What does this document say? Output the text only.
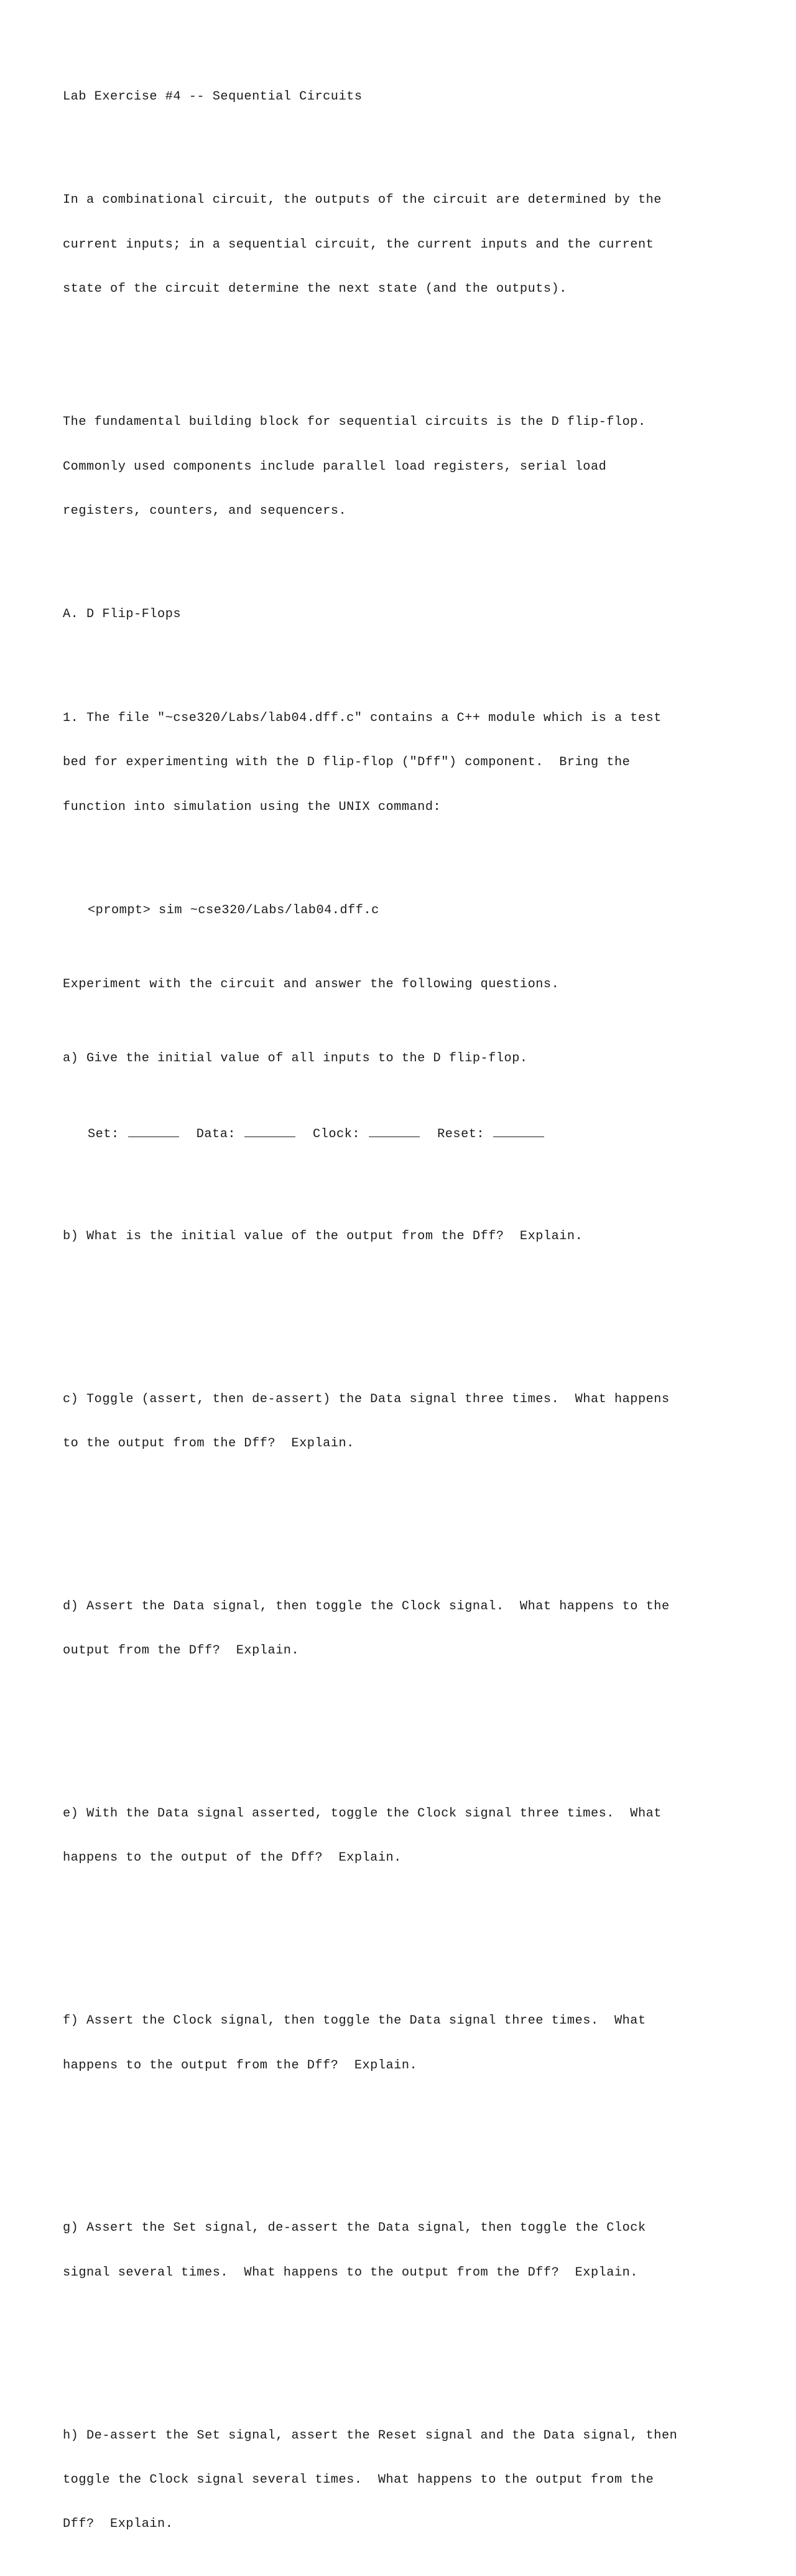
Lab Exercise #4 -- Sequential Circuits

In a combinational circuit, the outputs of the circuit are determined by the

current inputs; in a sequential circuit, the current inputs and the current

state of the circuit determine the next state (and the outputs).

The fundamental building block for sequential circuits is the D flip-flop.

Commonly used components include parallel load registers, serial load

registers, counters, and sequencers.

A. D Flip-Flops

1. The file "~cse320/Labs/lab04.dff.c" contains a C++ module which is a test

bed for experimenting with the D flip-flop ("Dff") component.  Bring the

function into simulation using the UNIX command:

<prompt> sim ~cse320/Labs/lab04.dff.c

Experiment with the circuit and answer the following questions.

a) Give the initial value of all inputs to the D flip-flop.

Set:	Data:	Clock:	Reset:

b) What is the initial value of the output from the Dff?  Explain.

c) Toggle (assert, then de-assert) the Data signal three times.  What happens

to the output from the Dff?  Explain.

d) Assert the Data signal, then toggle the Clock signal.  What happens to the

output from the Dff?  Explain.

e) With the Data signal asserted, toggle the Clock signal three times.  What

happens to the output of the Dff?  Explain.

f) Assert the Clock signal, then toggle the Data signal three times.  What

happens to the output from the Dff?  Explain.

g) Assert the Set signal, de-assert the Data signal, then toggle the Clock

signal several times.  What happens to the output from the Dff?  Explain.

h) De-assert the Set signal, assert the Reset signal and the Data signal, then

toggle the Clock signal several times.  What happens to the output from the

Dff?  Explain.
